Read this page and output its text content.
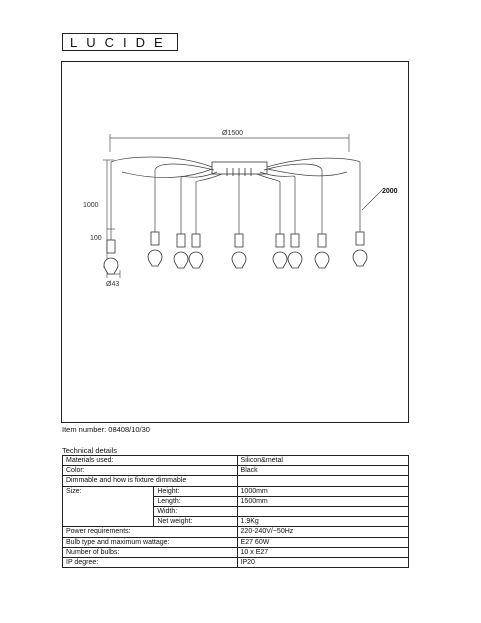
LUCIDE
Ø1500
1000
100
Ø43
2000
Item number: 08408/10/30
Technical details
Materials used:		Silicon&metal
Color:		Black
Dimmable and how is fixture dimmable		
Size:	Height:	1000mm
	Length:	1500mm
	Width:	
	Net weight:	1.9Kg
Power requirements:		220-240V/~50Hz
Bulb type and maximum wattage:		E27 60W
Number of bulbs:		10 x E27
IP degree:		IP20
